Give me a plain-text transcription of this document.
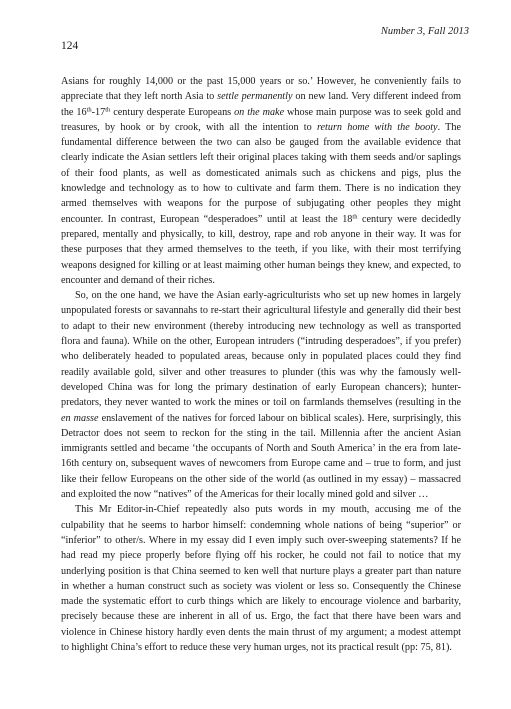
Number 3, Fall 2013

124

Asians for roughly 14,000 or the past 15,000 years or so.’ However, he conveniently fails to appreciate that they left north Asia to settle permanently on new land. Very different indeed from the 16th-17th century desperate Europeans on the make whose main purpose was to seek gold and treasures, by hook or by crook, with all the intention to return home with the booty. The fundamental difference between the two can also be gauged from the available evidence that clearly indicate the Asian settlers left their original places taking with them seeds and/or saplings of their food plants, as well as domesticated animals such as chickens and pigs, plus the knowledge and technology as to how to cultivate and farm them. There is no indication they armed themselves with weapons for the purpose of subjugating other peoples they might encounter. In contrast, European “desperadoes” until at least the 18th century were decidedly prepared, mentally and physically, to kill, destroy, rape and rob anyone in their way. It was for these purposes that they armed themselves to the teeth, if you like, with their most terrifying weapons designed for killing or at least maiming other human beings they knew, and expected, to encounter and demand of their riches.

So, on the one hand, we have the Asian early-agriculturists who set up new homes in largely unpopulated forests or savannahs to re-start their agricultural lifestyle and generally did their best to adapt to their new environment (thereby introducing new technology as well as transported flora and fauna). While on the other, European intruders (“intruding desperadoes”, if you prefer) who deliberately headed to populated areas, because only in populated places could they find readily available gold, silver and other treasures to plunder (this was why the famously well-developed China was for long the primary destination of early European chancers); hunter-predators, they never wanted to work the mines or toil on farmlands themselves (resulting in the en masse enslavement of the natives for forced labour on biblical scales). Here, surprisingly, this Detractor does not seem to reckon for the sting in the tail. Millennia after the ancient Asian immigrants settled and became ‘the occupants of North and South America’ in the era from late-16th century on, subsequent waves of newcomers from Europe came and – true to form, and just like their fellow Europeans on the other side of the world (as outlined in my essay) – massacred and exploited the now “natives” of the Americas for their locally mined gold and silver …

This Mr Editor-in-Chief repeatedly also puts words in my mouth, accusing me of the culpability that he seems to harbor himself: condemning whole nations of being “superior” or “inferior” to other/s. Where in my essay did I even imply such over-sweeping statements? If he had read my piece properly before flying off his rocker, he could not fail to notice that my underlying position is that China seemed to ken well that nurture plays a greater part than nature in whether a human construct such as society was violent or less so. Consequently the Chinese made the systematic effort to curb things which are likely to encourage violence and barbarity, precisely because these are inherent in all of us. Ergo, the fact that there have been wars and violence in Chinese history hardly even dents the main thrust of my argument; a modest attempt to highlight China’s effort to reduce these very human urges, not its practical result (pp: 75, 81).
